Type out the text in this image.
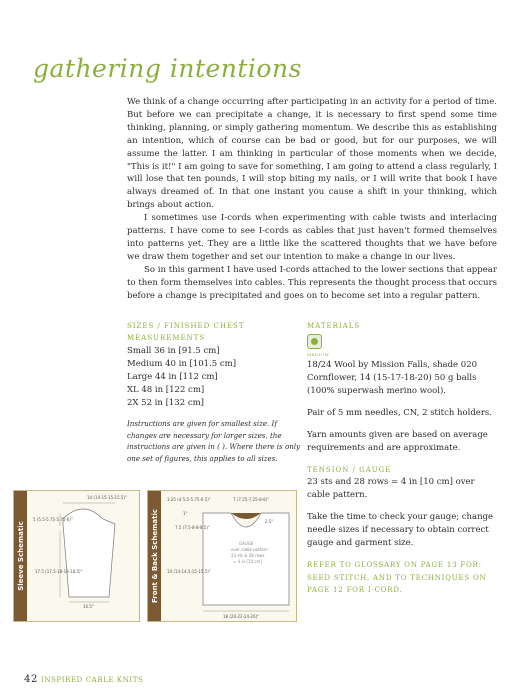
gathering intentions

We think of a change occurring after participating in an activity for a period of time. But before we can precipitate a change, it is necessary to first spend some time thinking, planning, or simply gathering momentum. We describe this as establishing an intention, which of course can be bad or good, but for our purposes, we will assume the latter. I am thinking in particular of those moments when we decide, "This is it!" I am going to save for something, I am going to attend a class regularly, I will lose that ten pounds, I will stop biting my nails, or I will write that book I have always dreamed of. In that one instant you cause a shift in your thinking, which brings about action.

I sometimes use I-cords when experimenting with cable twists and interlacing patterns. I have come to see I-cords as cables that just haven't formed themselves into patterns yet. They are a little like the scattered thoughts that we have before we draw them together and set our intention to make a change in our lives.

So in this garment I have used I-cords attached to the lower sections that appear to then form themselves into cables. This represents the thought process that occurs before a change is precipitated and goes on to become set into a regular pattern.

SIZES / FINISHED CHEST
MEASUREMENTS
Small 36 in [91.5 cm]
Medium 40 in [101.5 cm]
Large 44 in [112 cm]
XL 48 in [122 cm]
2X 52 in [132 cm]
Instructions are given for smallest size. If changes are necessary for larger sizes, the instructions are given in ( ). Where there is only one set of figures, this applies to all sizes.
MATERIALS
MEDIUM
18/24 Wool by Mission Falls, shade 020 Cornflower, 14 (15-17-18-20) 50 g balls (100% superwash merino wool).
Pair of 5 mm needles, CN, 2 stitch holders.
Yarn amounts given are based on average requirements and are approximate.
TENSION / GAUGE
23 sts and 28 rows = 4 in [10 cm] over cable pattern.
Take the time to check your gauge; change needle sizes if necessary to obtain correct gauge and garment size.
REFER TO GLOSSARY ON PAGE 13 FOR: SEED STITCH, AND TO TECHNIQUES ON PAGE 12 FOR I-CORD.
Sleeve Schematic
14 (14-15-15-15.5)"
5 (5.5-5.75-5.75-6)"
17.5 (17.5-18-18-18.5)"
10.5"
Front & Back Schematic
3.25 (4-5.5-5.75-6.5)"	7 (7.25-7.25-8-8)"
1"
2.5"
7.5 (7.5-8-8-8.5)"
14 (14-14.5-15-15.5)"
18 (20-22-24-26)"
GAUGE
over cable pattern
23 sts & 28 rows
= 4 in [10 cm]
42 INSPIRED CABLE KNITS
